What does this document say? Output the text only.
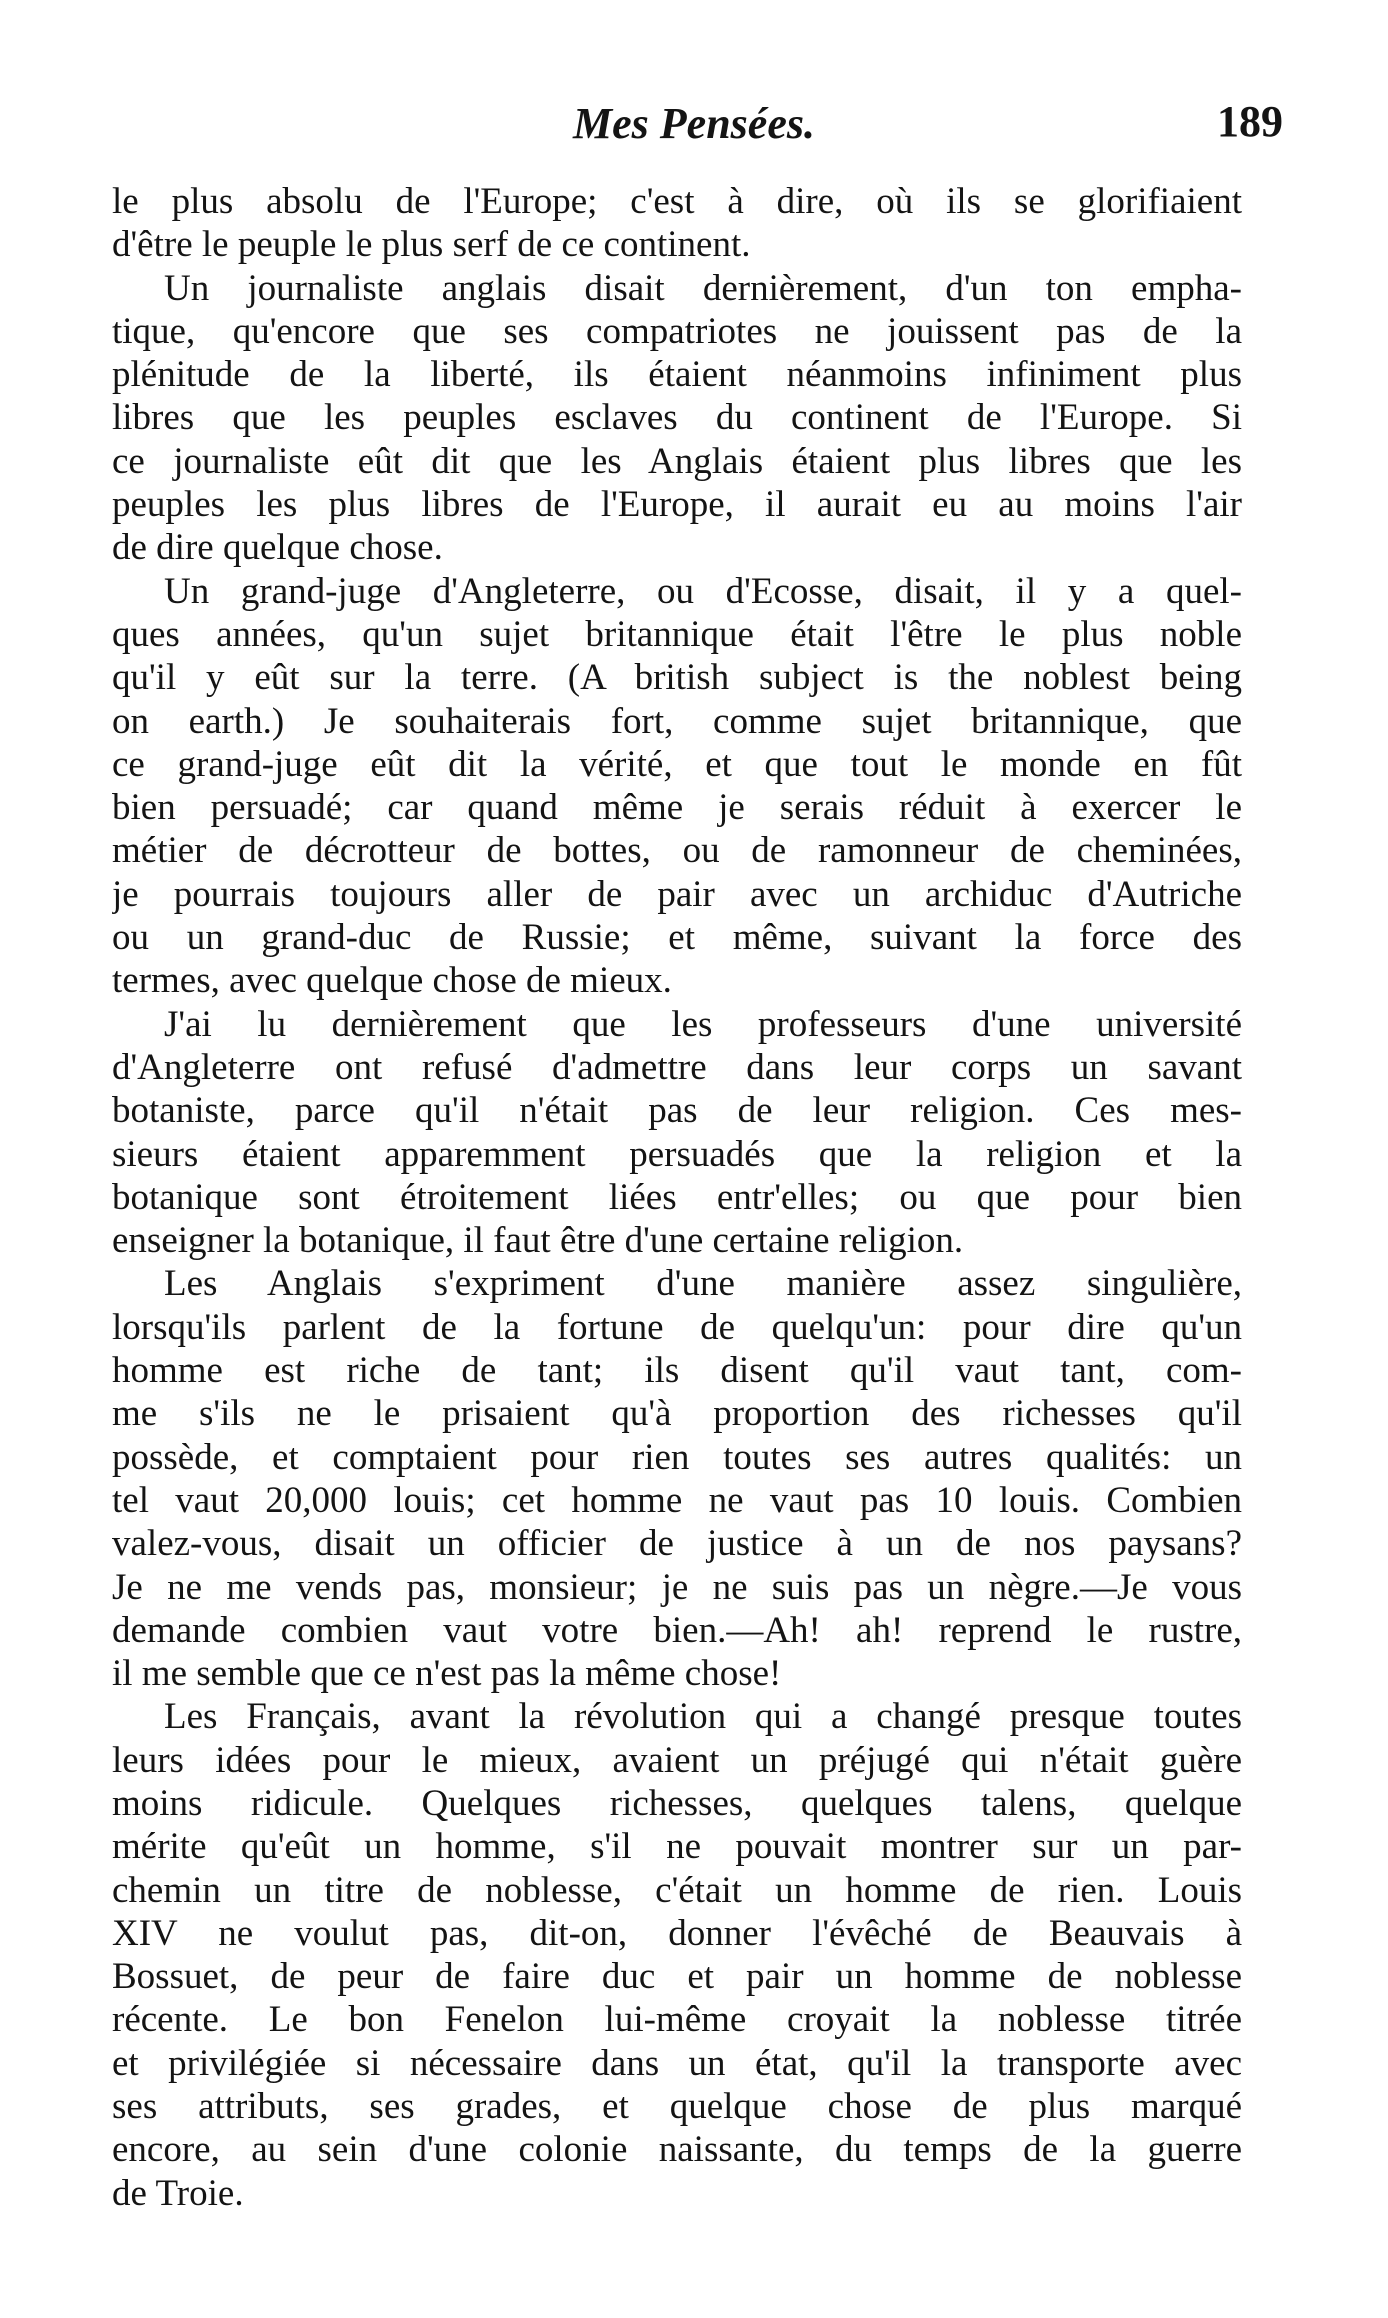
Mes Pensées.	189
le plus absolu de l'Europe; c'est à dire, où ils se glorifiaient
d'être le peuple le plus serf de ce continent.
Un journaliste anglais disait dernièrement, d'un ton empha-
tique, qu'encore que ses compatriotes ne jouissent pas de la
plénitude de la liberté, ils étaient néanmoins infiniment plus
libres que les peuples esclaves du continent de l'Europe. Si
ce journaliste eût dit que les Anglais étaient plus libres que les
peuples les plus libres de l'Europe, il aurait eu au moins l'air
de dire quelque chose.
Un grand-juge d'Angleterre, ou d'Ecosse, disait, il y a quel-
ques années, qu'un sujet britannique était l'être le plus noble
qu'il y eût sur la terre. (A british subject is the noblest being
on earth.) Je souhaiterais fort, comme sujet britannique, que
ce grand-juge eût dit la vérité, et que tout le monde en fût
bien persuadé; car quand même je serais réduit à exercer le
métier de décrotteur de bottes, ou de ramonneur de cheminées,
je pourrais toujours aller de pair avec un archiduc d'Autriche
ou un grand-duc de Russie; et même, suivant la force des
termes, avec quelque chose de mieux.
J'ai lu dernièrement que les professeurs d'une université
d'Angleterre ont refusé d'admettre dans leur corps un savant
botaniste, parce qu'il n'était pas de leur religion. Ces mes-
sieurs étaient apparemment persuadés que la religion et la
botanique sont étroitement liées entr'elles; ou que pour bien
enseigner la botanique, il faut être d'une certaine religion.
Les Anglais s'expriment d'une manière assez singulière,
lorsqu'ils parlent de la fortune de quelqu'un: pour dire qu'un
homme est riche de tant; ils disent qu'il vaut tant, com-
me s'ils ne le prisaient qu'à proportion des richesses qu'il
possède, et comptaient pour rien toutes ses autres qualités: un
tel vaut 20,000 louis; cet homme ne vaut pas 10 louis. Combien
valez-vous, disait un officier de justice à un de nos paysans?
Je ne me vends pas, monsieur; je ne suis pas un nègre.—Je vous
demande combien vaut votre bien.—Ah! ah! reprend le rustre,
il me semble que ce n'est pas la même chose!
Les Français, avant la révolution qui a changé presque toutes
leurs idées pour le mieux, avaient un préjugé qui n'était guère
moins ridicule. Quelques richesses, quelques talens, quelque
mérite qu'eût un homme, s'il ne pouvait montrer sur un par-
chemin un titre de noblesse, c'était un homme de rien. Louis
XIV ne voulut pas, dit-on, donner l'évêché de Beauvais à
Bossuet, de peur de faire duc et pair un homme de noblesse
récente. Le bon Fenelon lui-même croyait la noblesse titrée
et privilégiée si nécessaire dans un état, qu'il la transporte avec
ses attributs, ses grades, et quelque chose de plus marqué
encore, au sein d'une colonie naissante, du temps de la guerre
de Troie.
